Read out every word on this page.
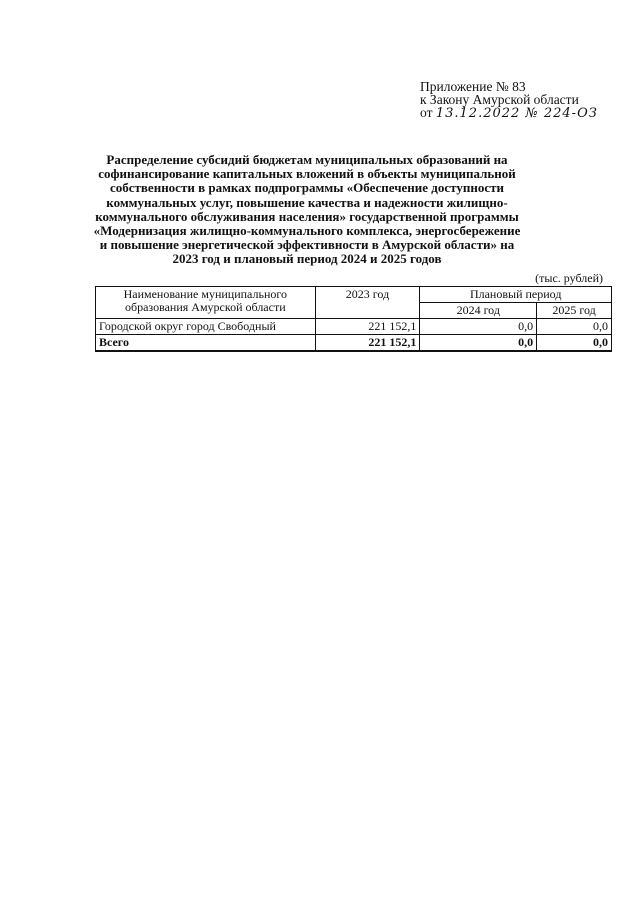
Приложение № 83
к Закону Амурской области
от 13.12.2022 № 224-ОЗ
Распределение субсидий бюджетам муниципальных образований на софинансирование капитальных вложений в объекты муниципальной собственности в рамках подпрограммы «Обеспечение доступности коммунальных услуг, повышение качества и надежности жилищно-коммунального обслуживания населения» государственной программы «Модернизация жилищно-коммунального комплекса, энергосбережение и повышение энергетической эффективности в Амурской области» на 2023 год и плановый период 2024 и 2025 годов
(тыс. рублей)
Наименование муниципального образования Амурской области	2023 год	Плановый период	
		2024 год	2025 год
Городской округ город Свободный	221 152,1	0,0	0,0
Всего	221 152,1	0,0	0,0
